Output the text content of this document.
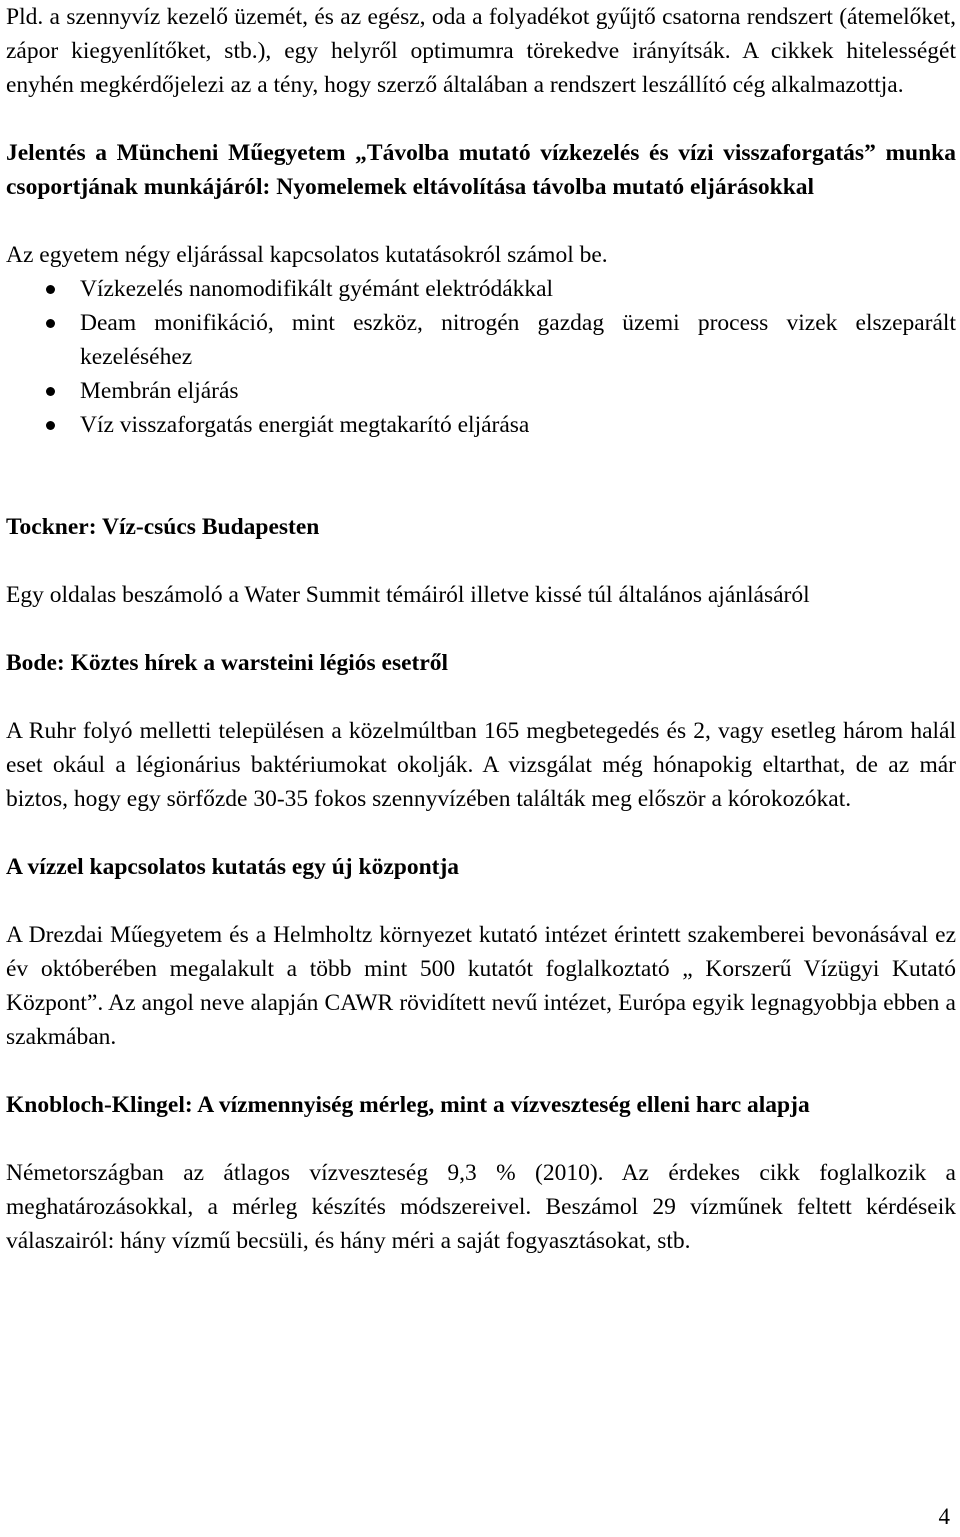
Pld. a szennyvíz kezelő üzemét, és az egész, oda a folyadékot gyűjtő csatorna rendszert (átemelőket, zápor kiegyenlítőket, stb.), egy helyről optimumra törekedve irányítsák. A cikkek hitelességét enyhén megkérdőjelezi az a tény, hogy szerző általában a rendszert leszállító cég alkalmazottja.

Jelentés a Müncheni Műegyetem „Távolba mutató vízkezelés és vízi visszaforgatás” munka csoportjának munkájáról: Nyomelemek eltávolítása távolba mutató eljárásokkal

Az egyetem négy eljárással kapcsolatos kutatásokról számol be.

Vízkezelés nanomodifikált gyémánt elektródákkal
Deam monifikáció, mint eszköz, nitrogén gazdag üzemi process vizek elszeparált kezeléséhez
Membrán eljárás
Víz visszaforgatás energiát megtakarító eljárása
Tockner: Víz-csúcs Budapesten

Egy oldalas beszámoló a Water Summit témáiról illetve kissé túl általános ajánlásáról

Bode: Köztes hírek a warsteini légiós esetről

A Ruhr folyó melletti településen a közelmúltban 165 megbetegedés és 2, vagy esetleg három halál eset okául a légionárius baktériumokat okolják. A vizsgálat még hónapokig eltarthat, de az már biztos, hogy egy sörfőzde 30-35 fokos szennyvízében találták meg először a kórokozókat.

A vízzel kapcsolatos kutatás egy új központja

A Drezdai Műegyetem és a Helmholtz környezet kutató intézet érintett szakemberei bevonásával ez év októberében megalakult a több mint 500 kutatót foglalkoztató „ Korszerű Vízügyi Kutató Központ”. Az angol neve alapján CAWR rövidített nevű intézet, Európa egyik legnagyobbja ebben a szakmában.

Knobloch-Klingel: A vízmennyiség mérleg, mint a vízveszteség elleni harc alapja

Németországban az átlagos vízveszteség 9,3 % (2010). Az érdekes cikk foglalkozik a meghatározásokkal, a mérleg készítés módszereivel. Beszámol 29 vízműnek feltett kérdéseik válaszairól: hány vízmű becsüli, és hány méri a saját fogyasztásokat, stb.

4
